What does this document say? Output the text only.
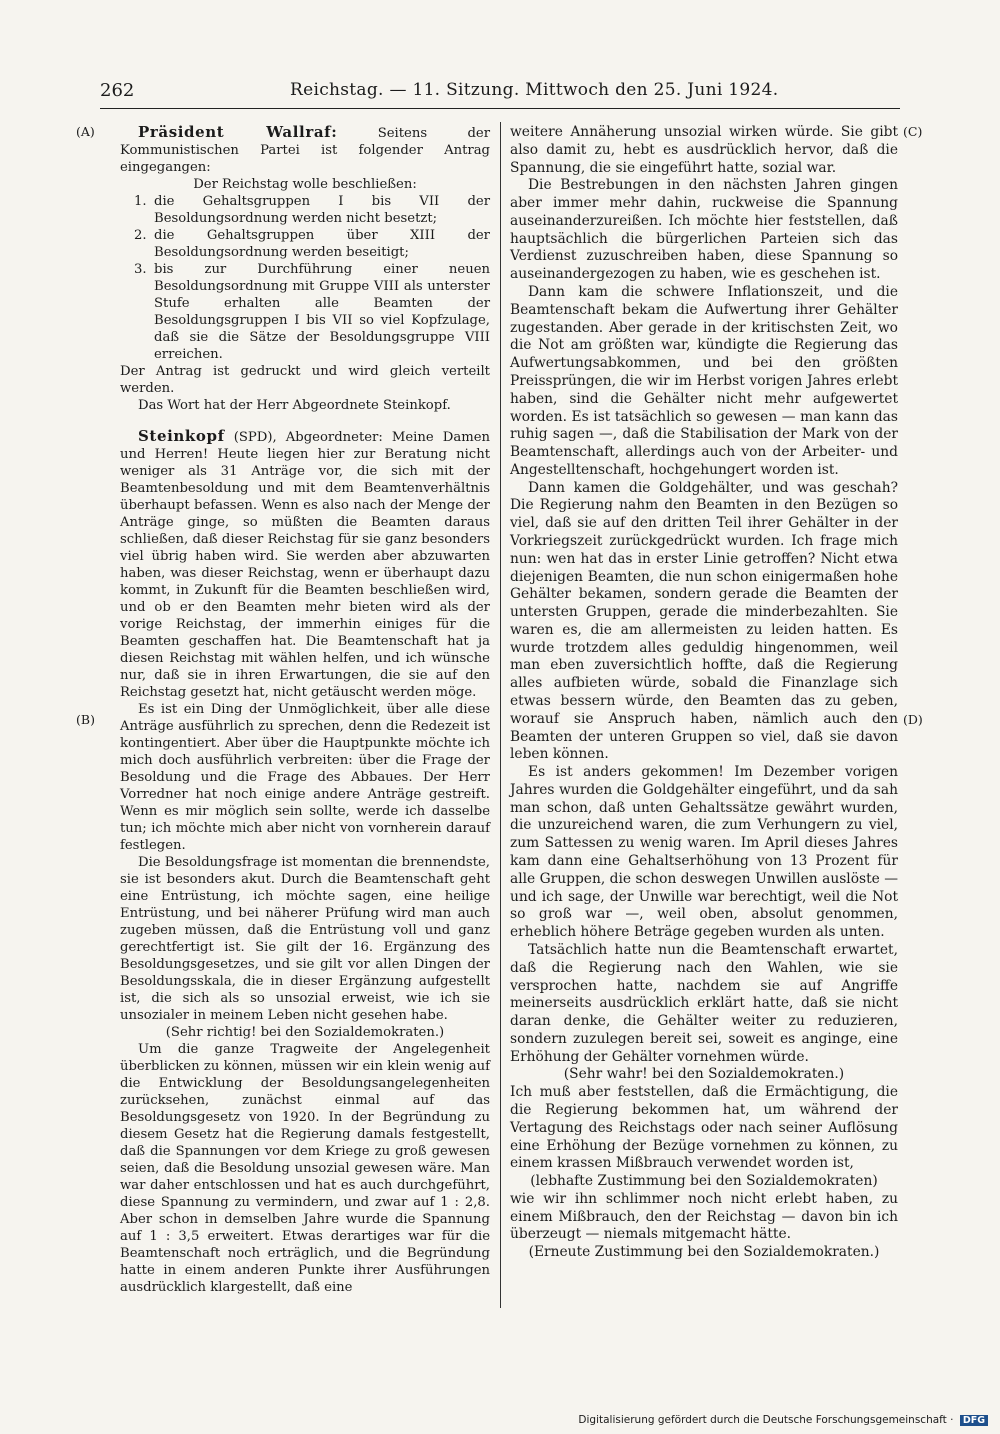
262	Reichstag. — 11. Sitzung. Mittwoch den 25. Juni 1924.
(A)
(B)
(C)
(D)

Präsident Wallraf: Seitens der Kommunistischen Partei ist folgender Antrag eingegangen:

Der Reichstag wolle beschließen:

1. die Gehaltsgruppen I bis VII der Besoldungsordnung werden nicht besetzt;
2. die Gehaltsgruppen über XIII der Besoldungsordnung werden beseitigt;
3. bis zur Durchführung einer neuen Besoldungsordnung mit Gruppe VIII als unterster Stufe erhalten alle Beamten der Besoldungsgruppen I bis VII so viel Kopfzulage, daß sie die Sätze der Besoldungsgruppe VIII erreichen.

Der Antrag ist gedruckt und wird gleich verteilt werden.

Das Wort hat der Herr Abgeordnete Steinkopf.

Steinkopf (SPD), Abgeordneter: Meine Damen und Herren! Heute liegen hier zur Beratung nicht weniger als 31 Anträge vor, die sich mit der Beamtenbesoldung und mit dem Beamtenverhältnis überhaupt befassen. Wenn es also nach der Menge der Anträge ginge, so müßten die Beamten daraus schließen, daß dieser Reichstag für sie ganz besonders viel übrig haben wird. Sie werden aber abzuwarten haben, was dieser Reichstag, wenn er überhaupt dazu kommt, in Zukunft für die Beamten beschließen wird, und ob er den Beamten mehr bieten wird als der vorige Reichstag, der immerhin einiges für die Beamten geschaffen hat. Die Beamtenschaft hat ja diesen Reichstag mit wählen helfen, und ich wünsche nur, daß sie in ihren Erwartungen, die sie auf den Reichstag gesetzt hat, nicht getäuscht werden möge.

Es ist ein Ding der Unmöglichkeit, über alle diese Anträge ausführlich zu sprechen, denn die Redezeit ist kontingentiert. Aber über die Hauptpunkte möchte ich mich doch ausführlich verbreiten: über die Frage der Besoldung und die Frage des Abbaues. Der Herr Vorredner hat noch einige andere Anträge gestreift. Wenn es mir möglich sein sollte, werde ich dasselbe tun; ich möchte mich aber nicht von vornherein darauf festlegen.

Die Besoldungsfrage ist momentan die brennendste, sie ist besonders akut. Durch die Beamtenschaft geht eine Entrüstung, ich möchte sagen, eine heilige Entrüstung, und bei näherer Prüfung wird man auch zugeben müssen, daß die Entrüstung voll und ganz gerechtfertigt ist. Sie gilt der 16. Ergänzung des Besoldungsgesetzes, und sie gilt vor allen Dingen der Besoldungsskala, die in dieser Ergänzung aufgestellt ist, die sich als so unsozial erweist, wie ich sie unsozialer in meinem Leben nicht gesehen habe.

(Sehr richtig! bei den Sozialdemokraten.)

Um die ganze Tragweite der Angelegenheit überblicken zu können, müssen wir ein klein wenig auf die Entwicklung der Besoldungsangelegenheiten zurücksehen, zunächst einmal auf das Besoldungsgesetz von 1920. In der Begründung zu diesem Gesetz hat die Regierung damals festgestellt, daß die Spannungen vor dem Kriege zu groß gewesen seien, daß die Besoldung unsozial gewesen wäre. Man war daher entschlossen und hat es auch durchgeführt, diese Spannung zu vermindern, und zwar auf 1 : 2,8. Aber schon in demselben Jahre wurde die Spannung auf 1 : 3,5 erweitert. Etwas derartiges war für die Beamtenschaft noch erträglich, und die Begründung hatte in einem anderen Punkte ihrer Ausführungen ausdrücklich klargestellt, daß eine

weitere Annäherung unsozial wirken würde. Sie gibt also damit zu, hebt es ausdrücklich hervor, daß die Spannung, die sie eingeführt hatte, sozial war.

Die Bestrebungen in den nächsten Jahren gingen aber immer mehr dahin, ruckweise die Spannung auseinanderzureißen. Ich möchte hier feststellen, daß hauptsächlich die bürgerlichen Parteien sich das Verdienst zuzuschreiben haben, diese Spannung so auseinandergezogen zu haben, wie es geschehen ist.

Dann kam die schwere Inflationszeit, und die Beamtenschaft bekam die Aufwertung ihrer Gehälter zugestanden. Aber gerade in der kritischsten Zeit, wo die Not am größten war, kündigte die Regierung das Aufwertungsabkommen, und bei den größten Preissprüngen, die wir im Herbst vorigen Jahres erlebt haben, sind die Gehälter nicht mehr aufgewertet worden. Es ist tatsächlich so gewesen — man kann das ruhig sagen —, daß die Stabilisation der Mark von der Beamtenschaft, allerdings auch von der Arbeiter- und Angestelltenschaft, hochgehungert worden ist.

Dann kamen die Goldgehälter, und was geschah? Die Regierung nahm den Beamten in den Bezügen so viel, daß sie auf den dritten Teil ihrer Gehälter in der Vorkriegszeit zurückgedrückt wurden. Ich frage mich nun: wen hat das in erster Linie getroffen? Nicht etwa diejenigen Beamten, die nun schon einigermaßen hohe Gehälter bekamen, sondern gerade die Beamten der untersten Gruppen, gerade die minderbezahlten. Sie waren es, die am allermeisten zu leiden hatten. Es wurde trotzdem alles geduldig hingenommen, weil man eben zuversichtlich hoffte, daß die Regierung alles aufbieten würde, sobald die Finanzlage sich etwas bessern würde, den Beamten das zu geben, worauf sie Anspruch haben, nämlich auch den Beamten der unteren Gruppen so viel, daß sie davon leben können.

Es ist anders gekommen! Im Dezember vorigen Jahres wurden die Goldgehälter eingeführt, und da sah man schon, daß unten Gehaltssätze gewährt wurden, die unzureichend waren, die zum Verhungern zu viel, zum Sattessen zu wenig waren. Im April dieses Jahres kam dann eine Gehaltserhöhung von 13 Prozent für alle Gruppen, die schon deswegen Unwillen auslöste — und ich sage, der Unwille war berechtigt, weil die Not so groß war —, weil oben, absolut genommen, erheblich höhere Beträge gegeben wurden als unten.

Tatsächlich hatte nun die Beamtenschaft erwartet, daß die Regierung nach den Wahlen, wie sie versprochen hatte, nachdem sie auf Angriffe meinerseits ausdrücklich erklärt hatte, daß sie nicht daran denke, die Gehälter weiter zu reduzieren, sondern zuzulegen bereit sei, soweit es anginge, eine Erhöhung der Gehälter vornehmen würde.

(Sehr wahr! bei den Sozialdemokraten.)

Ich muß aber feststellen, daß die Ermächtigung, die die Regierung bekommen hat, um während der Vertagung des Reichstags oder nach seiner Auflösung eine Erhöhung der Bezüge vornehmen zu können, zu einem krassen Mißbrauch verwendet worden ist,

(lebhafte Zustimmung bei den Sozialdemokraten)

wie wir ihn schlimmer noch nicht erlebt haben, zu einem Mißbrauch, den der Reichstag — davon bin ich überzeugt — niemals mitgemacht hätte.

(Erneute Zustimmung bei den Sozialdemokraten.)

Digitalisierung gefördert durch die Deutsche Forschungsgemeinschaft · DFG
